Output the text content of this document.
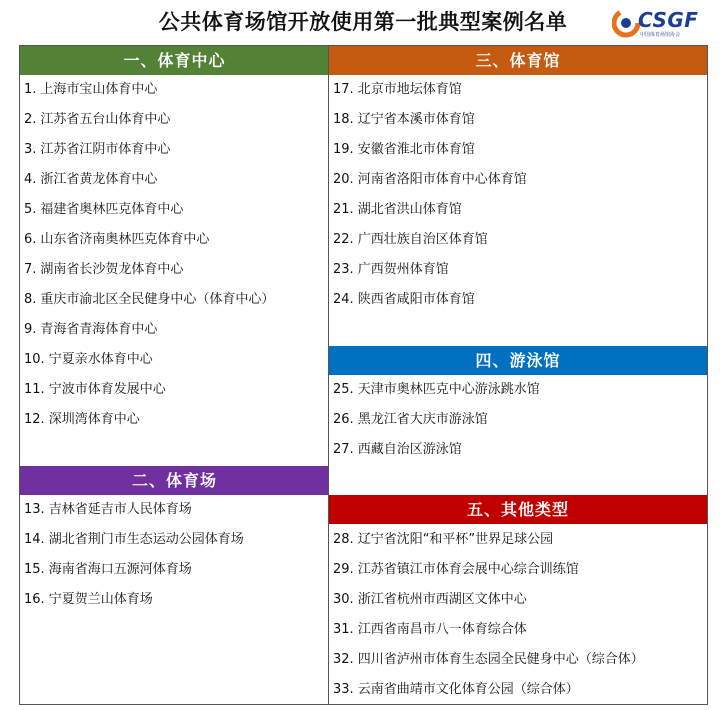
公共体育场馆开放使用第一批典型案例名单	CSGF
中国体育场馆协会
一、体育中心
1. 上海市宝山体育中心
2. 江苏省五台山体育中心
3. 江苏省江阴市体育中心
4. 浙江省黄龙体育中心
5. 福建省奥林匹克体育中心
6. 山东省济南奥林匹克体育中心
7. 湖南省长沙贺龙体育中心
8. 重庆市渝北区全民健身中心（体育中心）
9. 青海省青海体育中心
10. 宁夏亲水体育中心
11. 宁波市体育发展中心
12. 深圳湾体育中心
二、体育场
13. 吉林省延吉市人民体育场
14. 湖北省荆门市生态运动公园体育场
15. 海南省海口五源河体育场
16. 宁夏贺兰山体育场
三、体育馆
17. 北京市地坛体育馆
18. 辽宁省本溪市体育馆
19. 安徽省淮北市体育馆
20. 河南省洛阳市体育中心体育馆
21. 湖北省洪山体育馆
22. 广西壮族自治区体育馆
23. 广西贺州体育馆
24. 陕西省咸阳市体育馆
四、游泳馆
25. 天津市奥林匹克中心游泳跳水馆
26. 黑龙江省大庆市游泳馆
27. 西藏自治区游泳馆
五、其他类型
28. 辽宁省沈阳“和平杯”世界足球公园
29. 江苏省镇江市体育会展中心综合训练馆
30. 浙江省杭州市西湖区文体中心
31. 江西省南昌市八一体育综合体
32. 四川省泸州市体育生态园全民健身中心（综合体）
33. 云南省曲靖市文化体育公园（综合体）
